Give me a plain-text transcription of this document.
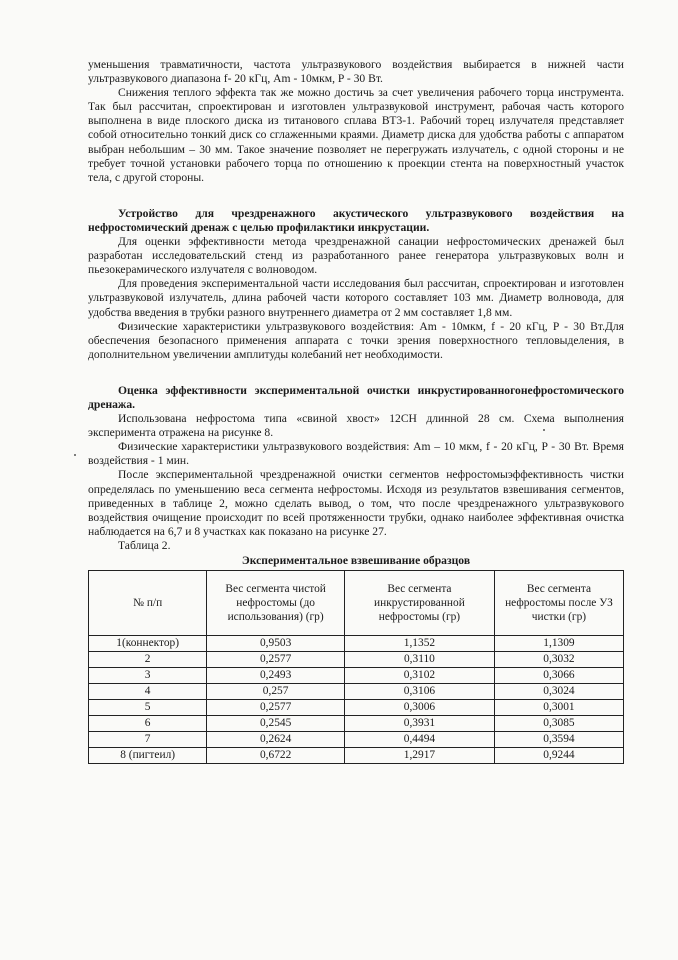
уменьшения травматичности, частота ультразвукового воздействия выбирается в нижней части ультразвукового диапазона f- 20 кГц, Am - 10мкм, P - 30 Вт.

Снижения теплого эффекта так же можно достичь за счет увеличения рабочего торца инструмента. Так был рассчитан, спроектирован и изготовлен ультразвуковой инструмент, рабочая часть которого выполнена в виде плоского диска из титанового сплава ВТ3-1. Рабочий торец излучателя представляет собой относительно тонкий диск со сглаженными краями. Диаметр диска для удобства работы с аппаратом выбран небольшим – 30 мм. Такое значение позволяет не перегружать излучатель, с одной стороны и не требует точной установки рабочего торца по отношению к проекции стента на поверхностный участок тела, с другой стороны.

Устройство для чрездренажного акустического ультразвукового воздействия на нефростомический дренаж с целью профилактики инкрустации.

Для оценки эффективности метода чрездренажной санации нефростомических дренажей был разработан исследовательский стенд из разработанного ранее генератора ультразвуковых волн и пьезокерамического излучателя с волноводом.

Для проведения экспериментальной части исследования был рассчитан, спроектирован и изготовлен ультразвуковой излучатель, длина рабочей части которого составляет 103 мм. Диаметр волновода, для удобства введения в трубки разного внутреннего диаметра от 2 мм составляет 1,8 мм.

Физические характеристики ультразвукового воздействия: Am - 10мкм, f - 20 кГц, P - 30 Вт.Для обеспечения безопасного применения аппарата с точки зрения поверхностного тепловыделения, в дополнительном увеличении амплитуды колебаний нет необходимости.

Оценка эффективности экспериментальной очистки инкрустированногонефростомического дренажа.

Использована нефростома типа «свиной хвост» 12СН длинной 28 см. Схема выполнения эксперимента отражена на рисунке 8.

Физические характеристики ультразвукового воздействия: Am – 10 мкм, f - 20 кГц, P - 30 Вт. Время воздействия - 1 мин.

После экспериментальной чрездренажной очистки сегментов нефростомыэффективность чистки определялась по уменьшению веса сегмента нефростомы. Исходя из результатов взвешивания сегментов, приведенных в таблице 2, можно сделать вывод, о том, что после чрездренажного ультразвукового воздействия очищение происходит по всей протяженности трубки, однако наиболее эффективная очистка наблюдается на 6,7 и 8 участках как показано на рисунке 27.

Таблица 2.

Экспериментальное взвешивание образцов

№ п/п	Вес сегмента чистой нефростомы (до использования) (гр)	Вес сегмента инкрустированной нефростомы (гр)	Вес сегмента нефростомы после УЗ чистки (гр)
1(коннектор)	0,9503	1,1352	1,1309
2	0,2577	0,3110	0,3032
3	0,2493	0,3102	0,3066
4	0,257	0,3106	0,3024
5	0,2577	0,3006	0,3001
6	0,2545	0,3931	0,3085
7	0,2624	0,4494	0,3594
8 (пигтеил)	0,6722	1,2917	0,9244
